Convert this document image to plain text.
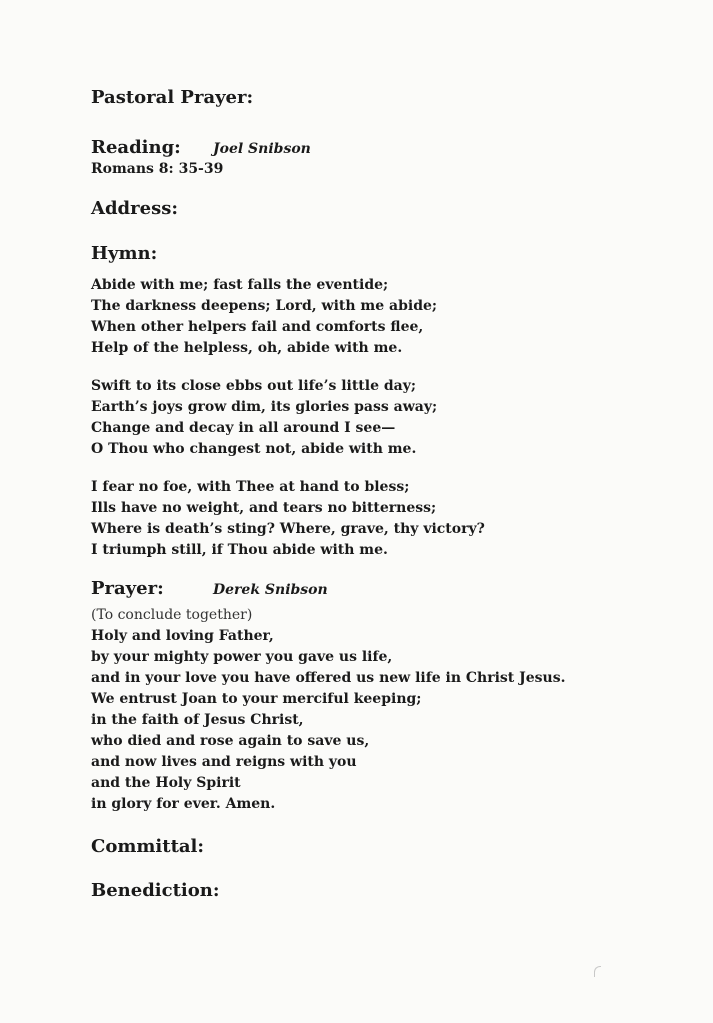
Pastoral Prayer:
Reading:	Joel Snibson
Romans 8: 35-39
Address:
Hymn:
Abide with me; fast falls the eventide;
The darkness deepens; Lord, with me abide;
When other helpers fail and comforts flee,
Help of the helpless, oh, abide with me.
Swift to its close ebbs out life’s little day;
Earth’s joys grow dim, its glories pass away;
Change and decay in all around I see—
O Thou who changest not, abide with me.
I fear no foe, with Thee at hand to bless;
Ills have no weight, and tears no bitterness;
Where is death’s sting? Where, grave, thy victory?
I triumph still, if Thou abide with me.
Prayer:	Derek Snibson
(To conclude together)
Holy and loving Father,
by your mighty power you gave us life,
and in your love you have offered us new life in Christ Jesus.
We entrust Joan to your merciful keeping;
in the faith of Jesus Christ,
who died and rose again to save us,
and now lives and reigns with you
and the Holy Spirit
in glory for ever. Amen.
Committal:
Benediction:
